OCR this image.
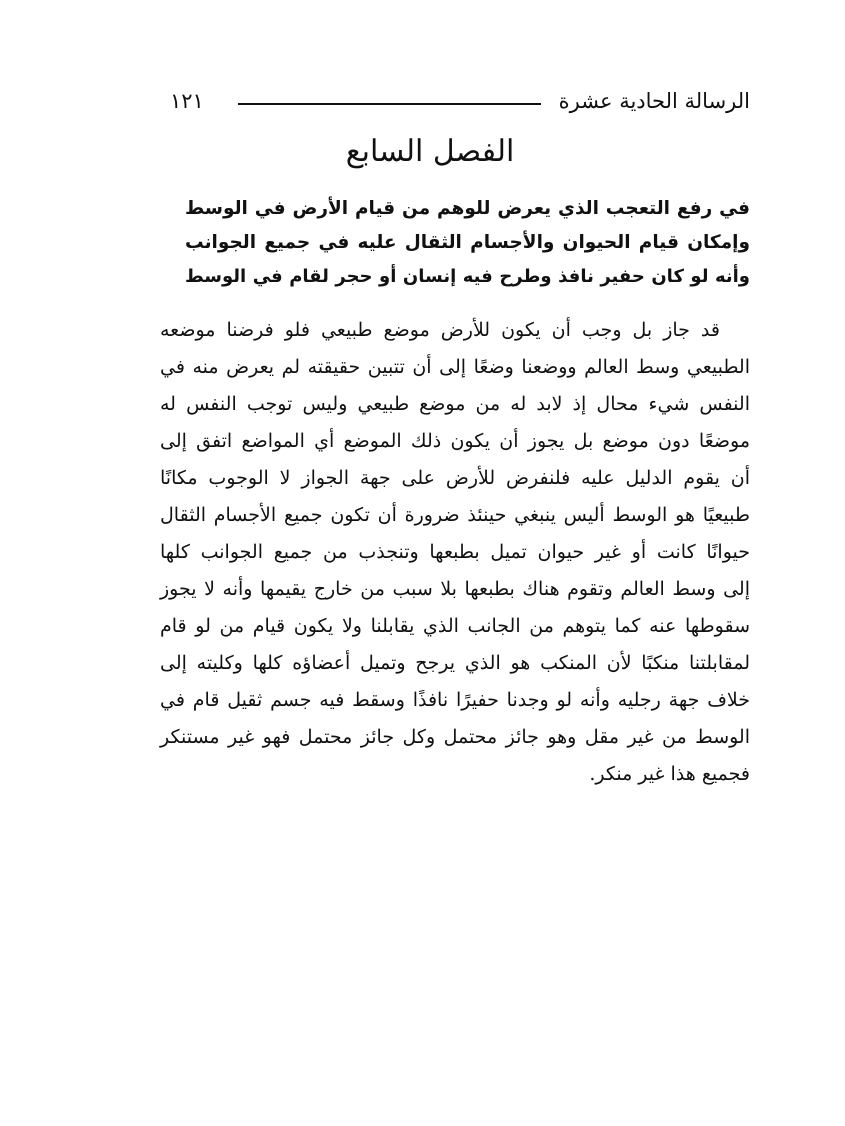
الرسالة الحادية عشرة
١٢١
الفصل السابع
في رفع التعجب الذي يعرض للوهم من قيام الأرض في الوسط
وإمكان قيام الحيوان والأجسام الثقال عليه في جميع الجوانب
وأنه لو كان حفير نافذ وطرح فيه إنسان أو حجر لقام في الوسط
قد جاز بل وجب أن يكون للأرض موضع طبيعي فلو فرضنا موضعه
الطبيعي وسط العالم ووضعنا وضعًا إلى أن تتبين حقيقته لم يعرض منه في
النفس شيء محال إذ لابد له من موضع طبيعي وليس توجب النفس له
موضعًا دون موضع بل يجوز أن يكون ذلك الموضع أي المواضع اتفق إلى
أن يقوم الدليل عليه فلنفرض للأرض على جهة الجواز لا الوجوب مكانًا
طبيعيًا هو الوسط أليس ينبغي حينئذ ضرورة أن تكون جميع الأجسام الثقال
حيوانًا كانت أو غير حيوان تميل بطبعها وتنجذب من جميع الجوانب كلها
إلى وسط العالم وتقوم هناك بطبعها بلا سبب من خارج يقيمها وأنه لا يجوز
سقوطها عنه كما يتوهم من الجانب الذي يقابلنا ولا يكون قيام من لو قام
لمقابلتنا منكبًا لأن المنكب هو الذي يرجح وتميل أعضاؤه كلها وكليته إلى
خلاف جهة رجليه وأنه لو وجدنا حفيرًا نافذًا وسقط فيه جسم ثقيل قام في
الوسط من غير مقل وهو جائز محتمل وكل جائز محتمل فهو غير مستنكر
فجميع هذا غير منكر.
